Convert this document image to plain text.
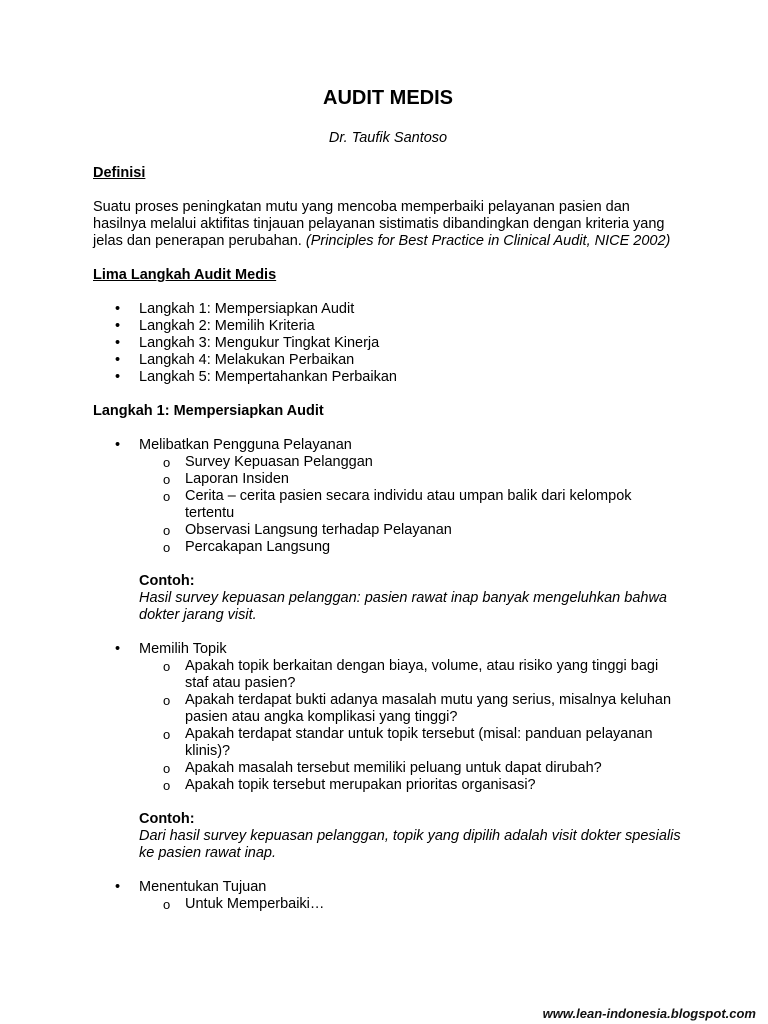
AUDIT MEDIS
Dr. Taufik Santoso
Definisi

Suatu proses peningkatan mutu yang mencoba memperbaiki pelayanan pasien dan hasilnya melalui aktifitas tinjauan pelayanan sistimatis dibandingkan dengan kriteria yang jelas dan penerapan perubahan. (Principles for Best Practice in Clinical Audit, NICE 2002)

Lima Langkah Audit Medis
• Langkah 1: Mempersiapkan Audit
• Langkah 2: Memilih Kriteria
• Langkah 3: Mengukur Tingkat Kinerja
• Langkah 4: Melakukan Perbaikan
• Langkah 5: Mempertahankan Perbaikan
Langkah 1: Mempersiapkan Audit
• Melibatkan Pengguna Pelayanan
o Survey Kepuasan Pelanggan
o Laporan Insiden
o Cerita – cerita pasien secara individu atau umpan balik dari kelompok tertentu
o Observasi Langsung terhadap Pelayanan
o Percakapan Langsung
Contoh:
Hasil survey kepuasan pelanggan: pasien rawat inap banyak mengeluhkan bahwa dokter jarang visit.
• Memilih Topik
o Apakah topik berkaitan dengan biaya, volume, atau risiko yang tinggi bagi staf atau pasien?
o Apakah terdapat bukti adanya masalah mutu yang serius, misalnya keluhan pasien atau angka komplikasi yang tinggi?
o Apakah terdapat standar untuk topik tersebut (misal: panduan pelayanan klinis)?
o Apakah masalah tersebut memiliki peluang untuk dapat dirubah?
o Apakah topik tersebut merupakan prioritas organisasi?
Contoh:
Dari hasil survey kepuasan pelanggan, topik yang dipilih adalah visit dokter spesialis ke pasien rawat inap.
• Menentukan Tujuan
o Untuk Memperbaiki…
www.lean-indonesia.blogspot.com
